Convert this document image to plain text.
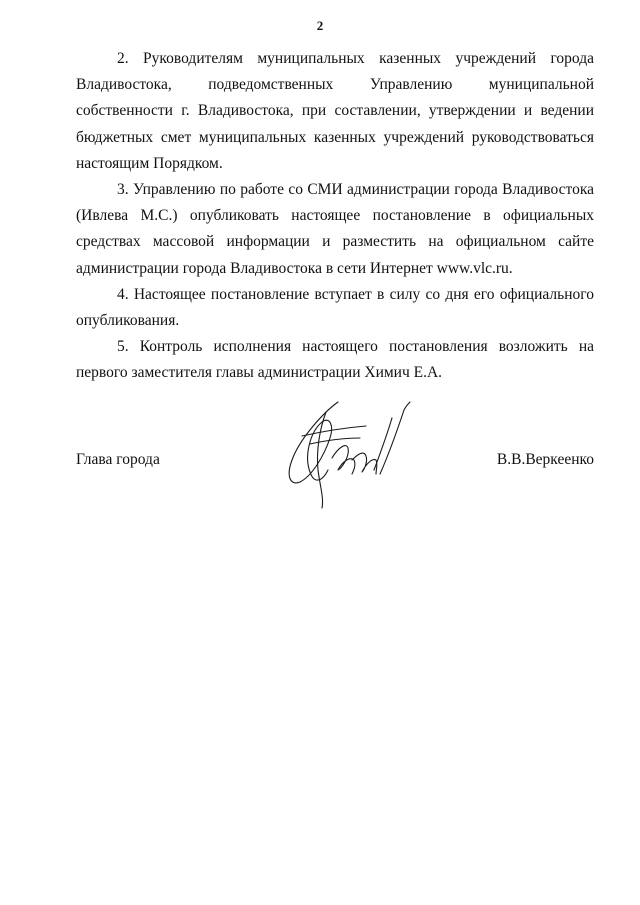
2

2. Руководителям муниципальных казенных учреждений города Владивостока, подведомственных Управлению муниципальной собственности г. Владивостока, при составлении, утверждении и ведении бюджетных смет муниципальных казенных учреждений руководствоваться настоящим Порядком.

3. Управлению по работе со СМИ администрации города Владивостока (Ивлева М.С.) опубликовать настоящее постановление в официальных средствах массовой информации и разместить на официальном сайте администрации города Владивостока в сети Интернет www.vlc.ru.

4. Настоящее постановление вступает в силу со дня его официального опубликования.

5. Контроль исполнения настоящего постановления возложить на первого заместителя главы администрации Химич Е.А.

Глава города	В.В.Веркеенко
